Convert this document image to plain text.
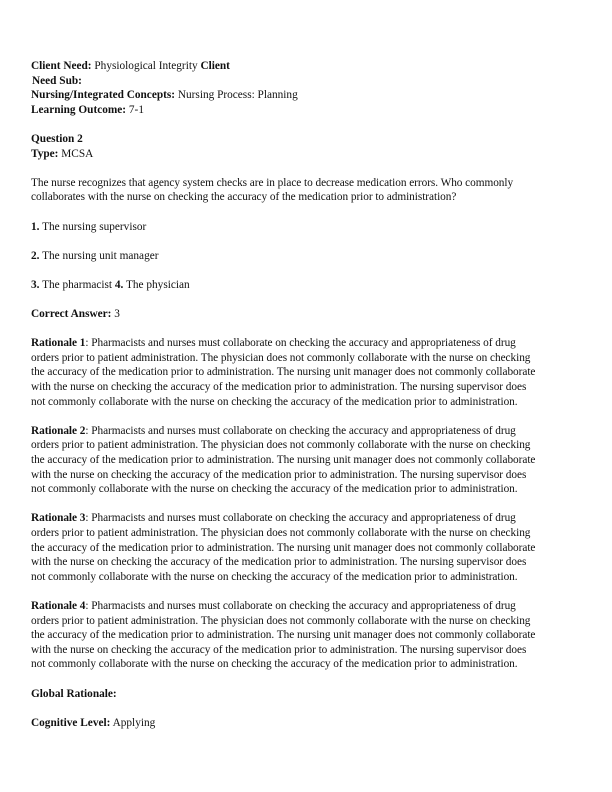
Client Need: Physiological Integrity Client
Need Sub:
Nursing/Integrated Concepts: Nursing Process: Planning
Learning Outcome: 7-1
Question 2
Type: MCSA
The nurse recognizes that agency system checks are in place to decrease medication errors. Who commonly
collaborates with the nurse on checking the accuracy of the medication prior to administration?
1. The nursing supervisor
2. The nursing unit manager
3. The pharmacist 4. The physician
Correct Answer: 3
Rationale 1: Pharmacists and nurses must collaborate on checking the accuracy and appropriateness of drug
orders prior to patient administration. The physician does not commonly collaborate with the nurse on checking
the accuracy of the medication prior to administration. The nursing unit manager does not commonly collaborate
with the nurse on checking the accuracy of the medication prior to administration. The nursing supervisor does
not commonly collaborate with the nurse on checking the accuracy of the medication prior to administration.
Rationale 2: Pharmacists and nurses must collaborate on checking the accuracy and appropriateness of drug
orders prior to patient administration. The physician does not commonly collaborate with the nurse on checking
the accuracy of the medication prior to administration. The nursing unit manager does not commonly collaborate
with the nurse on checking the accuracy of the medication prior to administration. The nursing supervisor does
not commonly collaborate with the nurse on checking the accuracy of the medication prior to administration.
Rationale 3: Pharmacists and nurses must collaborate on checking the accuracy and appropriateness of drug
orders prior to patient administration. The physician does not commonly collaborate with the nurse on checking
the accuracy of the medication prior to administration. The nursing unit manager does not commonly collaborate
with the nurse on checking the accuracy of the medication prior to administration. The nursing supervisor does
not commonly collaborate with the nurse on checking the accuracy of the medication prior to administration.
Rationale 4: Pharmacists and nurses must collaborate on checking the accuracy and appropriateness of drug
orders prior to patient administration. The physician does not commonly collaborate with the nurse on checking
the accuracy of the medication prior to administration. The nursing unit manager does not commonly collaborate
with the nurse on checking the accuracy of the medication prior to administration. The nursing supervisor does
not commonly collaborate with the nurse on checking the accuracy of the medication prior to administration.
Global Rationale:
Cognitive Level: Applying
